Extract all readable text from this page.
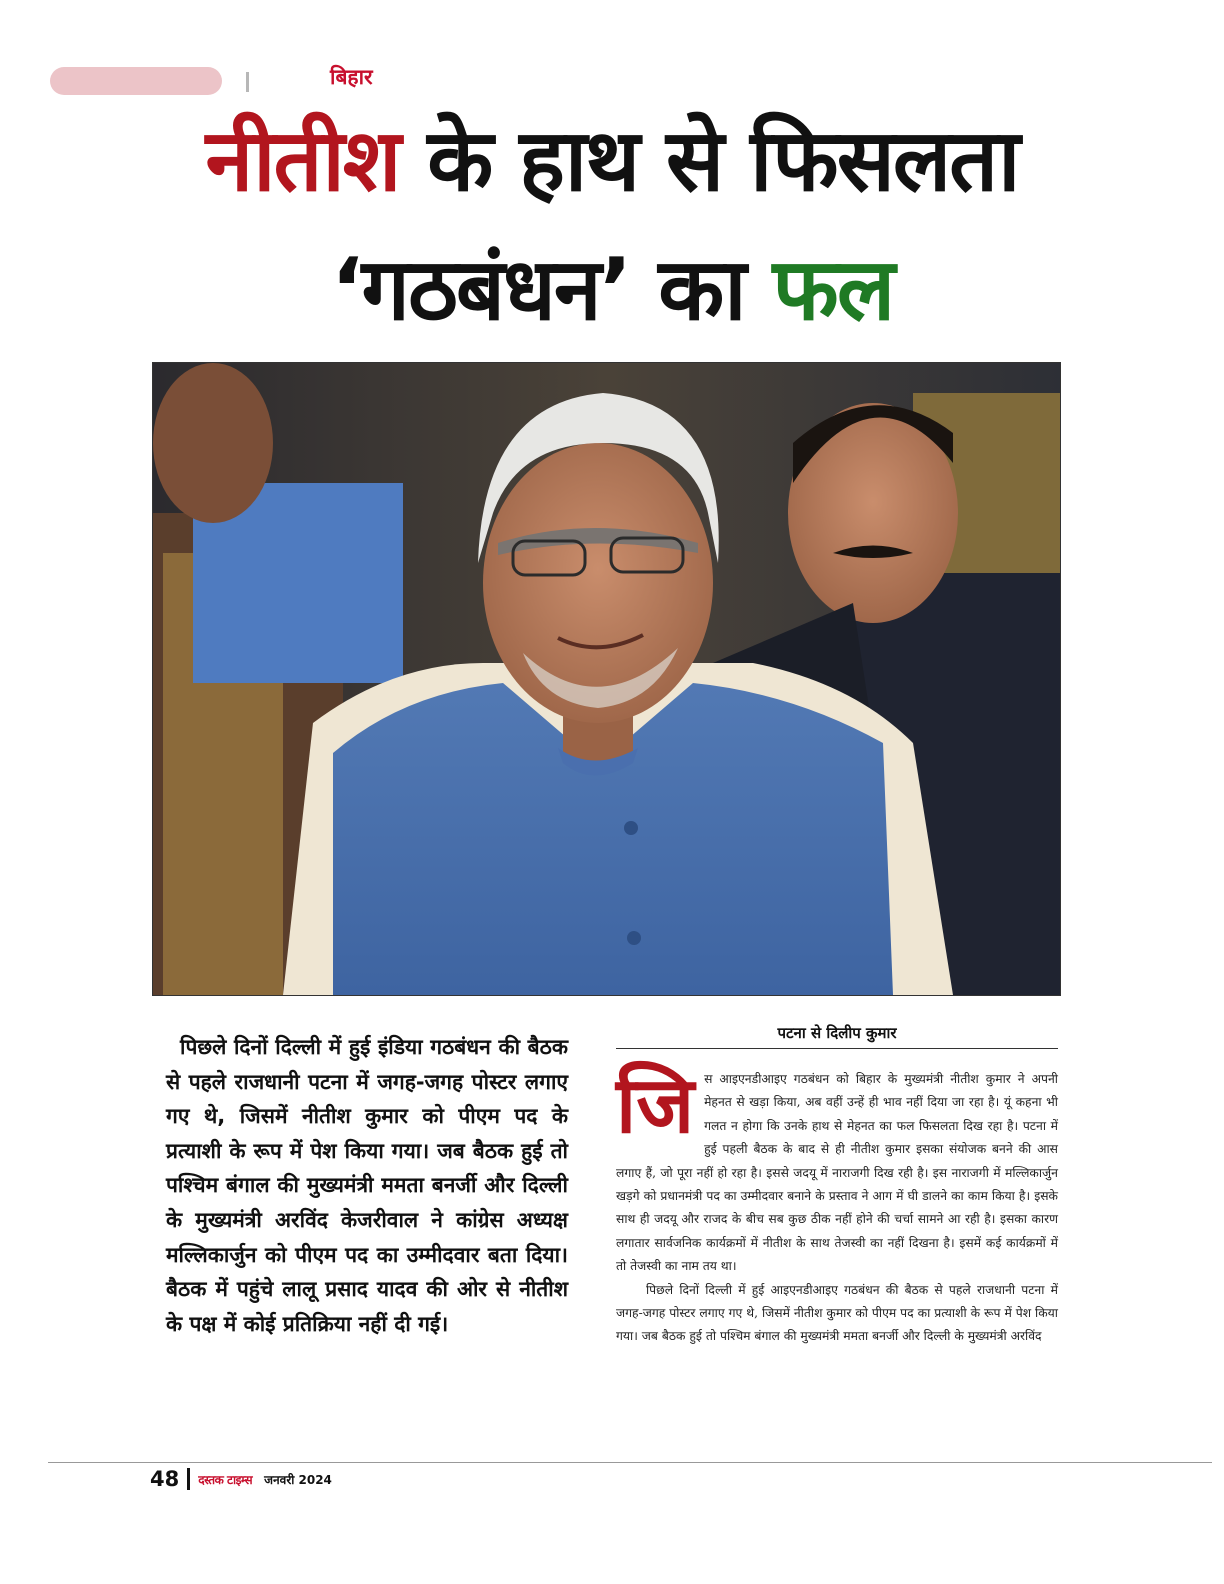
बिहार
नीतीश के हाथ से फिसलता
‘गठबंधन’ का फल
पिछले दिनों दिल्ली में हुई इंडिया गठबंधन की बैठक से पहले राजधानी पटना में जगह-जगह पोस्टर लगाए गए थे, जिसमें नीतीश कुमार को पीएम पद के प्रत्याशी के रूप में पेश किया गया। जब बैठक हुई तो पश्चिम बंगाल की मुख्यमंत्री ममता बनर्जी और दिल्ली के मुख्यमंत्री अरविंद केजरीवाल ने कांग्रेस अध्यक्ष मल्लिकार्जुन को पीएम पद का उम्मीदवार बता दिया। बैठक में पहुंचे लालू प्रसाद यादव की ओर से नीतीश के पक्ष में कोई प्रतिक्रिया नहीं दी गई।
पटना से दिलीप कुमार
जि स आइएनडीआइए गठबंधन को बिहार के मुख्यमंत्री नीतीश कुमार ने अपनी मेहनत से खड़ा किया, अब वहीं उन्हें ही भाव नहीं दिया जा रहा है। यूं कहना भी गलत न होगा कि उनके हाथ से मेहनत का फल फिसलता दिख रहा है। पटना में हुई पहली बैठक के बाद से ही नीतीश कुमार इसका संयोजक बनने की आस लगाए हैं, जो पूरा नहीं हो रहा है। इससे जदयू में नाराजगी दिख रही है। इस नाराजगी में मल्लिकार्जुन खड़गे को प्रधानमंत्री पद का उम्मीदवार बनाने के प्रस्ताव ने आग में घी डालने का काम किया है। इसके साथ ही जदयू और राजद के बीच सब कुछ ठीक नहीं होने की चर्चा सामने आ रही है। इसका कारण लगातार सार्वजनिक कार्यक्रमों में नीतीश के साथ तेजस्वी का नहीं दिखना है। इसमें कई कार्यक्रमों में तो तेजस्वी का नाम तय था।

पिछले दिनों दिल्ली में हुई आइएनडीआइए गठबंधन की बैठक से पहले राजधानी पटना में जगह-जगह पोस्टर लगाए गए थे, जिसमें नीतीश कुमार को पीएम पद का प्रत्याशी के रूप में पेश किया गया। जब बैठक हुई तो पश्चिम बंगाल की मुख्यमंत्री ममता बनर्जी और दिल्ली के मुख्यमंत्री अरविंद

48 दस्तक टाइम्स जनवरी 2024
